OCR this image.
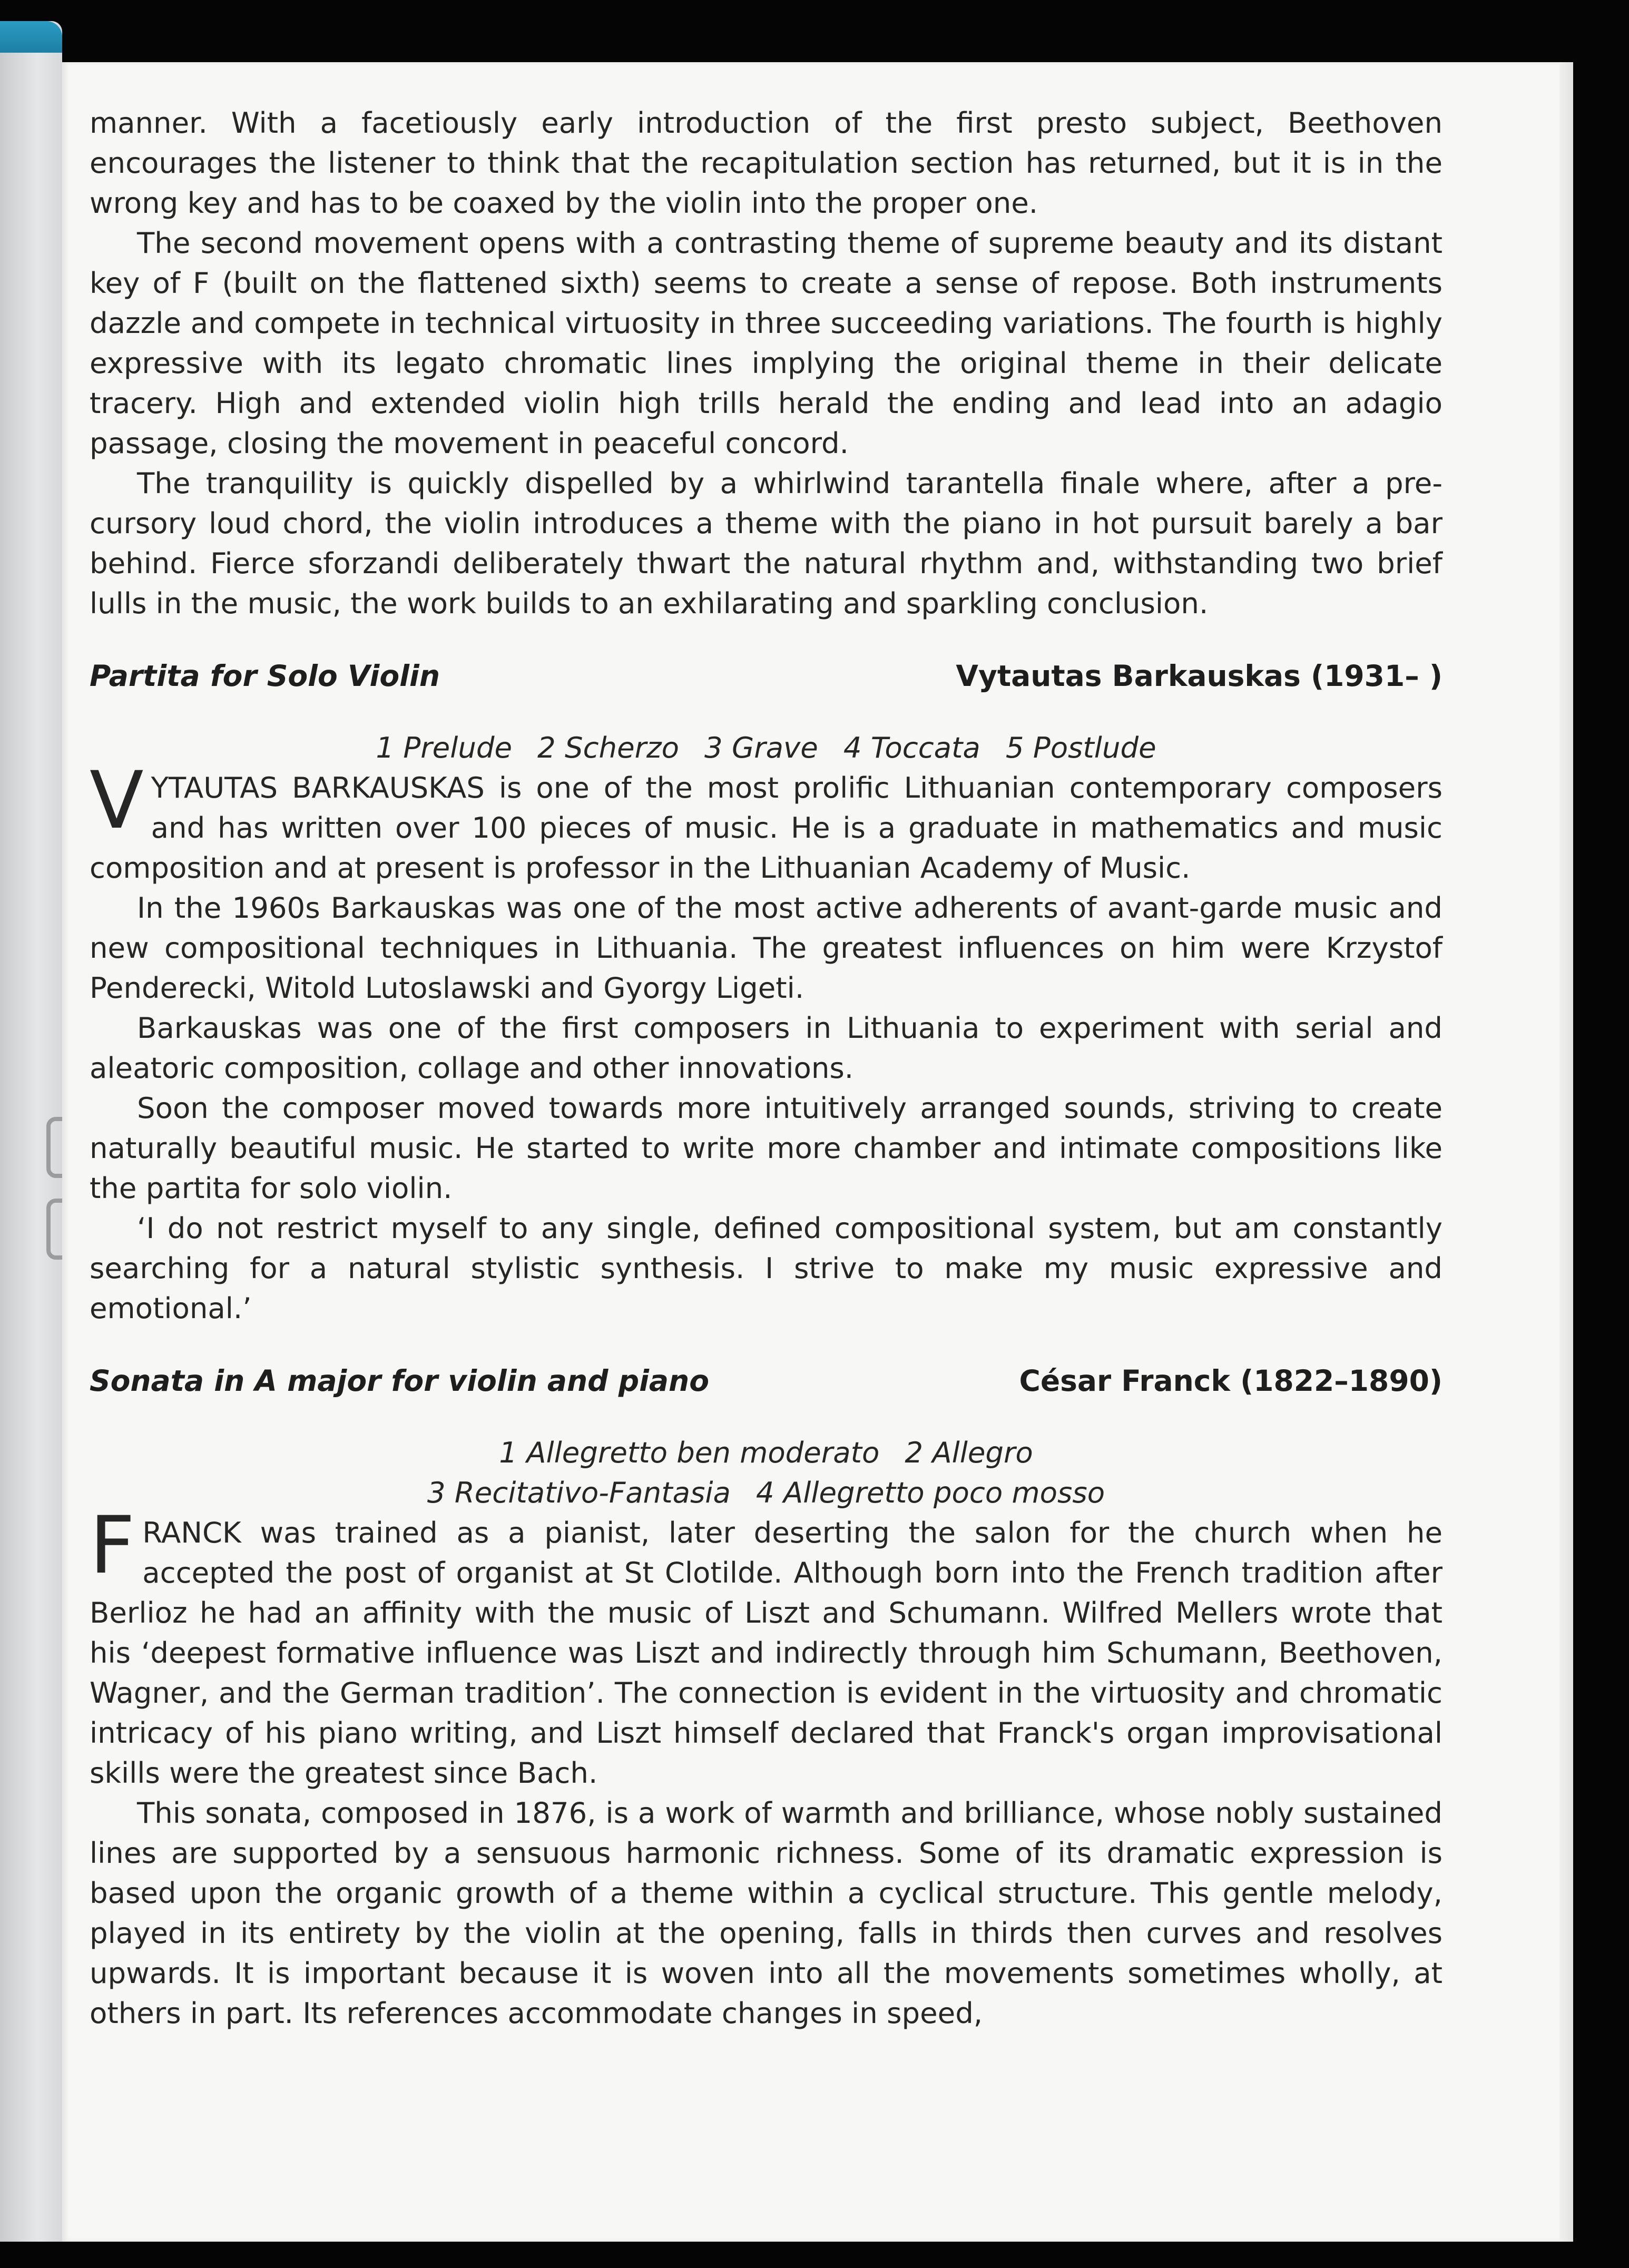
manner. With a facetiously early introduction of the first presto subject, Beethoven encourages the listener to think that the recapitulation section has returned, but it is in the wrong key and has to be coaxed by the violin into the proper one.

The second movement opens with a contrasting theme of supreme beauty and its distant key of F (built on the flattened sixth) seems to create a sense of repose. Both instruments dazzle and compete in technical virtuosity in three succeeding variations. The fourth is highly expressive with its legato chromatic lines implying the original theme in their delicate tracery. High and extended violin high trills herald the ending and lead into an adagio passage, closing the movement in peaceful concord.

The tranquility is quickly dispelled by a whirlwind tarantella finale where, after a precursory loud chord, the violin introduces a theme with the piano in hot pursuit barely a bar behind. Fierce sforzandi deliberately thwart the natural rhythm and, withstanding two brief lulls in the music, the work builds to an exhilarating and sparkling conclusion.

Partita for Solo Violin	Vytautas Barkauskas (1931– )
1 Prelude 2 Scherzo 3 Grave 4 Toccata 5 Postlude

VYTAUTAS BARKAUSKAS is one of the most prolific Lithuanian contemporary composers and has written over 100 pieces of music. He is a graduate in mathematics and music composition and at present is professor in the Lithuanian Academy of Music.

In the 1960s Barkauskas was one of the most active adherents of avant-garde music and new compositional techniques in Lithuania. The greatest influences on him were Krzystof Penderecki, Witold Lutoslawski and Gyorgy Ligeti.

Barkauskas was one of the first composers in Lithuania to experiment with serial and aleatoric composition, collage and other innovations.

Soon the composer moved towards more intuitively arranged sounds, striving to create naturally beautiful music. He started to write more chamber and intimate compositions like the partita for solo violin.

‘I do not restrict myself to any single, defined compositional system, but am constantly searching for a natural stylistic synthesis. I strive to make my music expressive and emotional.’

Sonata in A major for violin and piano	César Franck (1822–1890)
1 Allegretto ben moderato 2 Allegro
3 Recitativo-Fantasia 4 Allegretto poco mosso

FRANCK was trained as a pianist, later deserting the salon for the church when he accepted the post of organist at St Clotilde. Although born into the French tradition after Berlioz he had an affinity with the music of Liszt and Schumann. Wilfred Mellers wrote that his ‘deepest formative influence was Liszt and indirectly through him Schumann, Beethoven, Wagner, and the German tradition’. The connection is evident in the virtuosity and chromatic intricacy of his piano writing, and Liszt himself declared that Franck's organ improvisational skills were the greatest since Bach.

This sonata, composed in 1876, is a work of warmth and brilliance, whose nobly sustained lines are supported by a sensuous harmonic richness. Some of its dramatic expression is based upon the organic growth of a theme within a cyclical structure. This gentle melody, played in its entirety by the violin at the opening, falls in thirds then curves and resolves upwards. It is important because it is woven into all the movements sometimes wholly, at others in part. Its references accommodate changes in speed,
